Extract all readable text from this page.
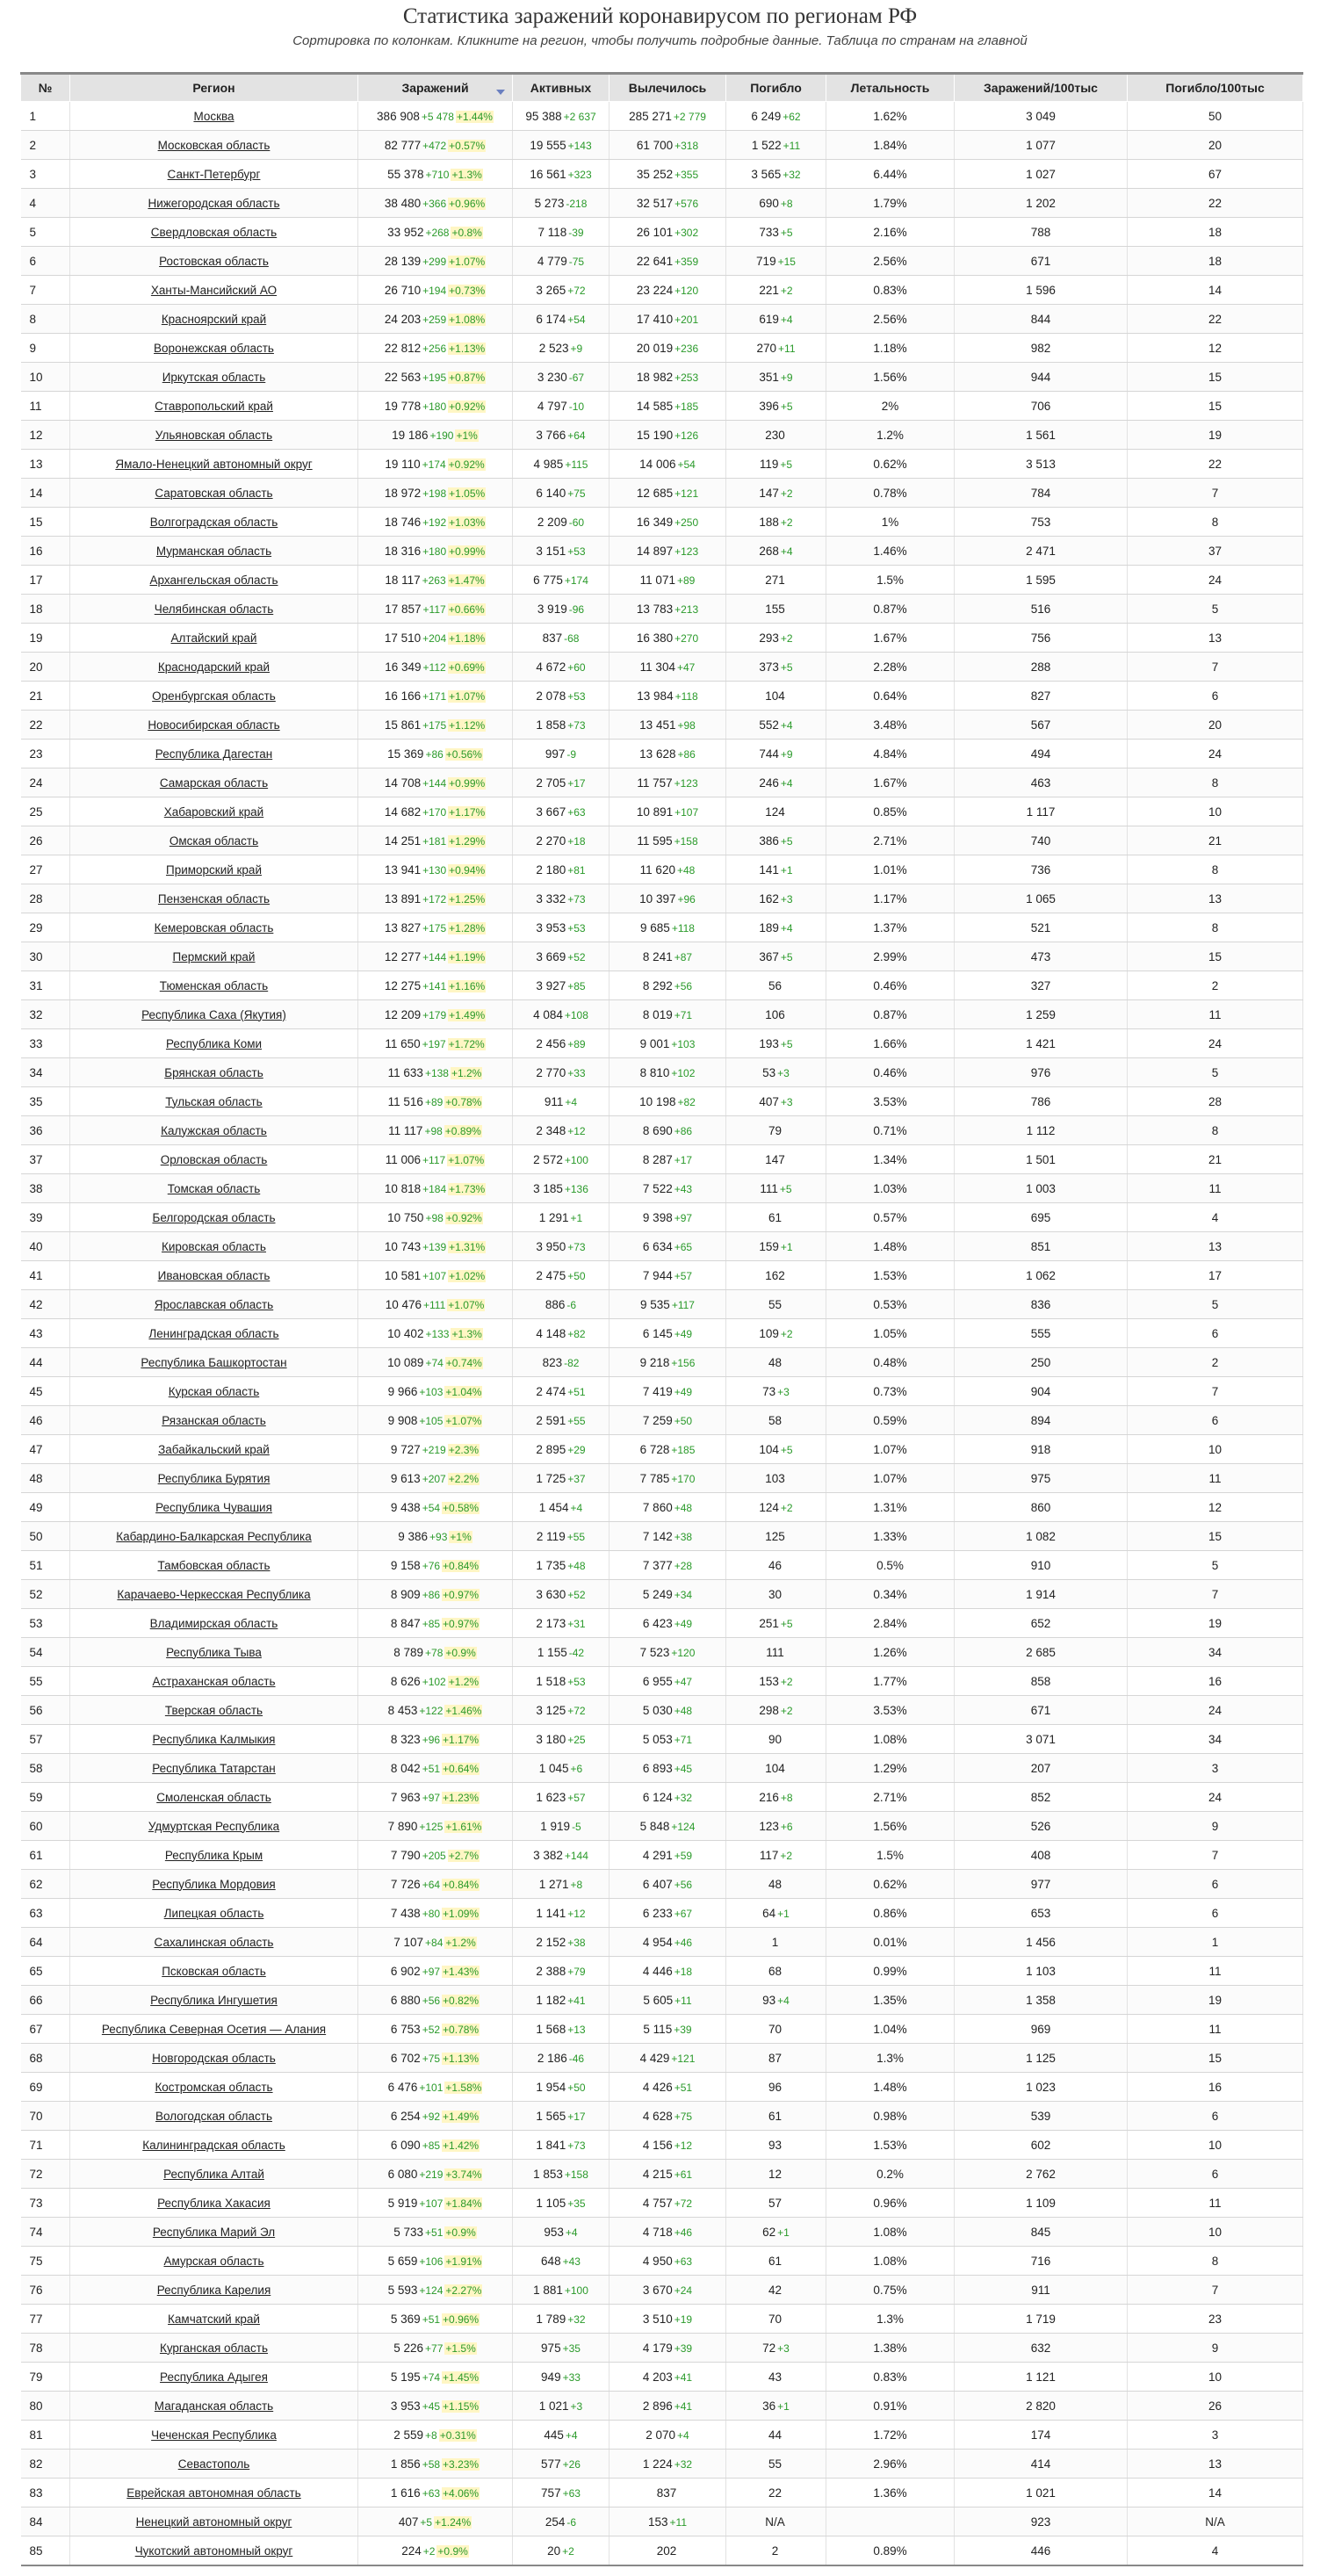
Статистика заражений коронавирусом по регионам РФ
Сортировка по колонкам. Кликните на регион, чтобы получить подробные данные. Таблица по странам на главной
№	Регион	Заражений	Активных	Вылечилось	Погибло	Летальность	Заражений/100тыс	Погибло/100тыс
1	Москва	386 908 +5 478 +1.44%	95 388 +2 637	285 271 +2 779	6 249 +62	1.62%	3 049	50
2	Московская область	82 777 +472 +0.57%	19 555 +143	61 700 +318	1 522 +11	1.84%	1 077	20
3	Санкт-Петербург	55 378 +710 +1.3%	16 561 +323	35 252 +355	3 565 +32	6.44%	1 027	67
4	Нижегородская область	38 480 +366 +0.96%	5 273 -218	32 517 +576	690 +8	1.79%	1 202	22
5	Свердловская область	33 952 +268 +0.8%	7 118 -39	26 101 +302	733 +5	2.16%	788	18
6	Ростовская область	28 139 +299 +1.07%	4 779 -75	22 641 +359	719 +15	2.56%	671	18
7	Ханты-Мансийский АО	26 710 +194 +0.73%	3 265 +72	23 224 +120	221 +2	0.83%	1 596	14
8	Красноярский край	24 203 +259 +1.08%	6 174 +54	17 410 +201	619 +4	2.56%	844	22
9	Воронежская область	22 812 +256 +1.13%	2 523 +9	20 019 +236	270 +11	1.18%	982	12
10	Иркутская область	22 563 +195 +0.87%	3 230 -67	18 982 +253	351 +9	1.56%	944	15
11	Ставропольский край	19 778 +180 +0.92%	4 797 -10	14 585 +185	396 +5	2%	706	15
12	Ульяновская область	19 186 +190 +1%	3 766 +64	15 190 +126	230	1.2%	1 561	19
13	Ямало-Ненецкий автономный округ	19 110 +174 +0.92%	4 985 +115	14 006 +54	119 +5	0.62%	3 513	22
14	Саратовская область	18 972 +198 +1.05%	6 140 +75	12 685 +121	147 +2	0.78%	784	7
15	Волгоградская область	18 746 +192 +1.03%	2 209 -60	16 349 +250	188 +2	1%	753	8
16	Мурманская область	18 316 +180 +0.99%	3 151 +53	14 897 +123	268 +4	1.46%	2 471	37
17	Архангельская область	18 117 +263 +1.47%	6 775 +174	11 071 +89	271	1.5%	1 595	24
18	Челябинская область	17 857 +117 +0.66%	3 919 -96	13 783 +213	155	0.87%	516	5
19	Алтайский край	17 510 +204 +1.18%	837 -68	16 380 +270	293 +2	1.67%	756	13
20	Краснодарский край	16 349 +112 +0.69%	4 672 +60	11 304 +47	373 +5	2.28%	288	7
21	Оренбургская область	16 166 +171 +1.07%	2 078 +53	13 984 +118	104	0.64%	827	6
22	Новосибирская область	15 861 +175 +1.12%	1 858 +73	13 451 +98	552 +4	3.48%	567	20
23	Республика Дагестан	15 369 +86 +0.56%	997 -9	13 628 +86	744 +9	4.84%	494	24
24	Самарская область	14 708 +144 +0.99%	2 705 +17	11 757 +123	246 +4	1.67%	463	8
25	Хабаровский край	14 682 +170 +1.17%	3 667 +63	10 891 +107	124	0.85%	1 117	10
26	Омская область	14 251 +181 +1.29%	2 270 +18	11 595 +158	386 +5	2.71%	740	21
27	Приморский край	13 941 +130 +0.94%	2 180 +81	11 620 +48	141 +1	1.01%	736	8
28	Пензенская область	13 891 +172 +1.25%	3 332 +73	10 397 +96	162 +3	1.17%	1 065	13
29	Кемеровская область	13 827 +175 +1.28%	3 953 +53	9 685 +118	189 +4	1.37%	521	8
30	Пермский край	12 277 +144 +1.19%	3 669 +52	8 241 +87	367 +5	2.99%	473	15
31	Тюменская область	12 275 +141 +1.16%	3 927 +85	8 292 +56	56	0.46%	327	2
32	Республика Саха (Якутия)	12 209 +179 +1.49%	4 084 +108	8 019 +71	106	0.87%	1 259	11
33	Республика Коми	11 650 +197 +1.72%	2 456 +89	9 001 +103	193 +5	1.66%	1 421	24
34	Брянская область	11 633 +138 +1.2%	2 770 +33	8 810 +102	53 +3	0.46%	976	5
35	Тульская область	11 516 +89 +0.78%	911 +4	10 198 +82	407 +3	3.53%	786	28
36	Калужская область	11 117 +98 +0.89%	2 348 +12	8 690 +86	79	0.71%	1 112	8
37	Орловская область	11 006 +117 +1.07%	2 572 +100	8 287 +17	147	1.34%	1 501	21
38	Томская область	10 818 +184 +1.73%	3 185 +136	7 522 +43	111 +5	1.03%	1 003	11
39	Белгородская область	10 750 +98 +0.92%	1 291 +1	9 398 +97	61	0.57%	695	4
40	Кировская область	10 743 +139 +1.31%	3 950 +73	6 634 +65	159 +1	1.48%	851	13
41	Ивановская область	10 581 +107 +1.02%	2 475 +50	7 944 +57	162	1.53%	1 062	17
42	Ярославская область	10 476 +111 +1.07%	886 -6	9 535 +117	55	0.53%	836	5
43	Ленинградская область	10 402 +133 +1.3%	4 148 +82	6 145 +49	109 +2	1.05%	555	6
44	Республика Башкортостан	10 089 +74 +0.74%	823 -82	9 218 +156	48	0.48%	250	2
45	Курская область	9 966 +103 +1.04%	2 474 +51	7 419 +49	73 +3	0.73%	904	7
46	Рязанская область	9 908 +105 +1.07%	2 591 +55	7 259 +50	58	0.59%	894	6
47	Забайкальский край	9 727 +219 +2.3%	2 895 +29	6 728 +185	104 +5	1.07%	918	10
48	Республика Бурятия	9 613 +207 +2.2%	1 725 +37	7 785 +170	103	1.07%	975	11
49	Республика Чувашия	9 438 +54 +0.58%	1 454 +4	7 860 +48	124 +2	1.31%	860	12
50	Кабардино-Балкарская Республика	9 386 +93 +1%	2 119 +55	7 142 +38	125	1.33%	1 082	15
51	Тамбовская область	9 158 +76 +0.84%	1 735 +48	7 377 +28	46	0.5%	910	5
52	Карачаево-Черкесская Республика	8 909 +86 +0.97%	3 630 +52	5 249 +34	30	0.34%	1 914	7
53	Владимирская область	8 847 +85 +0.97%	2 173 +31	6 423 +49	251 +5	2.84%	652	19
54	Республика Тыва	8 789 +78 +0.9%	1 155 -42	7 523 +120	111	1.26%	2 685	34
55	Астраханская область	8 626 +102 +1.2%	1 518 +53	6 955 +47	153 +2	1.77%	858	16
56	Тверская область	8 453 +122 +1.46%	3 125 +72	5 030 +48	298 +2	3.53%	671	24
57	Республика Калмыкия	8 323 +96 +1.17%	3 180 +25	5 053 +71	90	1.08%	3 071	34
58	Республика Татарстан	8 042 +51 +0.64%	1 045 +6	6 893 +45	104	1.29%	207	3
59	Смоленская область	7 963 +97 +1.23%	1 623 +57	6 124 +32	216 +8	2.71%	852	24
60	Удмуртская Республика	7 890 +125 +1.61%	1 919 -5	5 848 +124	123 +6	1.56%	526	9
61	Республика Крым	7 790 +205 +2.7%	3 382 +144	4 291 +59	117 +2	1.5%	408	7
62	Республика Мордовия	7 726 +64 +0.84%	1 271 +8	6 407 +56	48	0.62%	977	6
63	Липецкая область	7 438 +80 +1.09%	1 141 +12	6 233 +67	64 +1	0.86%	653	6
64	Сахалинская область	7 107 +84 +1.2%	2 152 +38	4 954 +46	1	0.01%	1 456	1
65	Псковская область	6 902 +97 +1.43%	2 388 +79	4 446 +18	68	0.99%	1 103	11
66	Республика Ингушетия	6 880 +56 +0.82%	1 182 +41	5 605 +11	93 +4	1.35%	1 358	19
67	Республика Северная Осетия — Алания	6 753 +52 +0.78%	1 568 +13	5 115 +39	70	1.04%	969	11
68	Новгородская область	6 702 +75 +1.13%	2 186 -46	4 429 +121	87	1.3%	1 125	15
69	Костромская область	6 476 +101 +1.58%	1 954 +50	4 426 +51	96	1.48%	1 023	16
70	Вологодская область	6 254 +92 +1.49%	1 565 +17	4 628 +75	61	0.98%	539	6
71	Калининградская область	6 090 +85 +1.42%	1 841 +73	4 156 +12	93	1.53%	602	10
72	Республика Алтай	6 080 +219 +3.74%	1 853 +158	4 215 +61	12	0.2%	2 762	6
73	Республика Хакасия	5 919 +107 +1.84%	1 105 +35	4 757 +72	57	0.96%	1 109	11
74	Республика Марий Эл	5 733 +51 +0.9%	953 +4	4 718 +46	62 +1	1.08%	845	10
75	Амурская область	5 659 +106 +1.91%	648 +43	4 950 +63	61	1.08%	716	8
76	Республика Карелия	5 593 +124 +2.27%	1 881 +100	3 670 +24	42	0.75%	911	7
77	Камчатский край	5 369 +51 +0.96%	1 789 +32	3 510 +19	70	1.3%	1 719	23
78	Курганская область	5 226 +77 +1.5%	975 +35	4 179 +39	72 +3	1.38%	632	9
79	Республика Адыгея	5 195 +74 +1.45%	949 +33	4 203 +41	43	0.83%	1 121	10
80	Магаданская область	3 953 +45 +1.15%	1 021 +3	2 896 +41	36 +1	0.91%	2 820	26
81	Чеченская Республика	2 559 +8 +0.31%	445 +4	2 070 +4	44	1.72%	174	3
82	Севастополь	1 856 +58 +3.23%	577 +26	1 224 +32	55	2.96%	414	13
83	Еврейская автономная область	1 616 +63 +4.06%	757 +63	837	22	1.36%	1 021	14
84	Ненецкий автономный округ	407 +5 +1.24%	254 -6	153 +11	N/A		923	N/A
85	Чукотский автономный округ	224 +2 +0.9%	20 +2	202	2	0.89%	446	4
